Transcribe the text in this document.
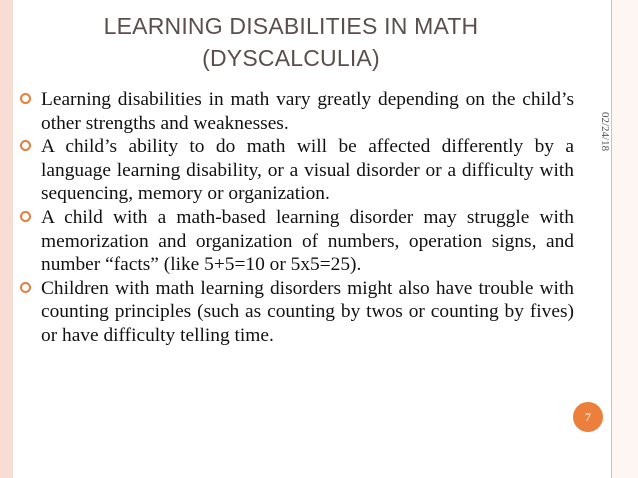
LEARNING DISABILITIES IN MATH
(DYSCALCULIA)
02/24/18
Learning disabilities in math vary greatly depending on the child’s other strengths and weaknesses.
A child’s ability to do math will be affected differently by a language learning disability, or a visual disorder or a difficulty with sequencing, memory or organization.
A child with a math-based learning disorder may struggle with memorization and organization of numbers, operation signs, and number “facts” (like 5+5=10 or 5x5=25).
Children with math learning disorders might also have trouble with counting principles (such as counting by twos or counting by fives) or have difficulty telling time.
7
